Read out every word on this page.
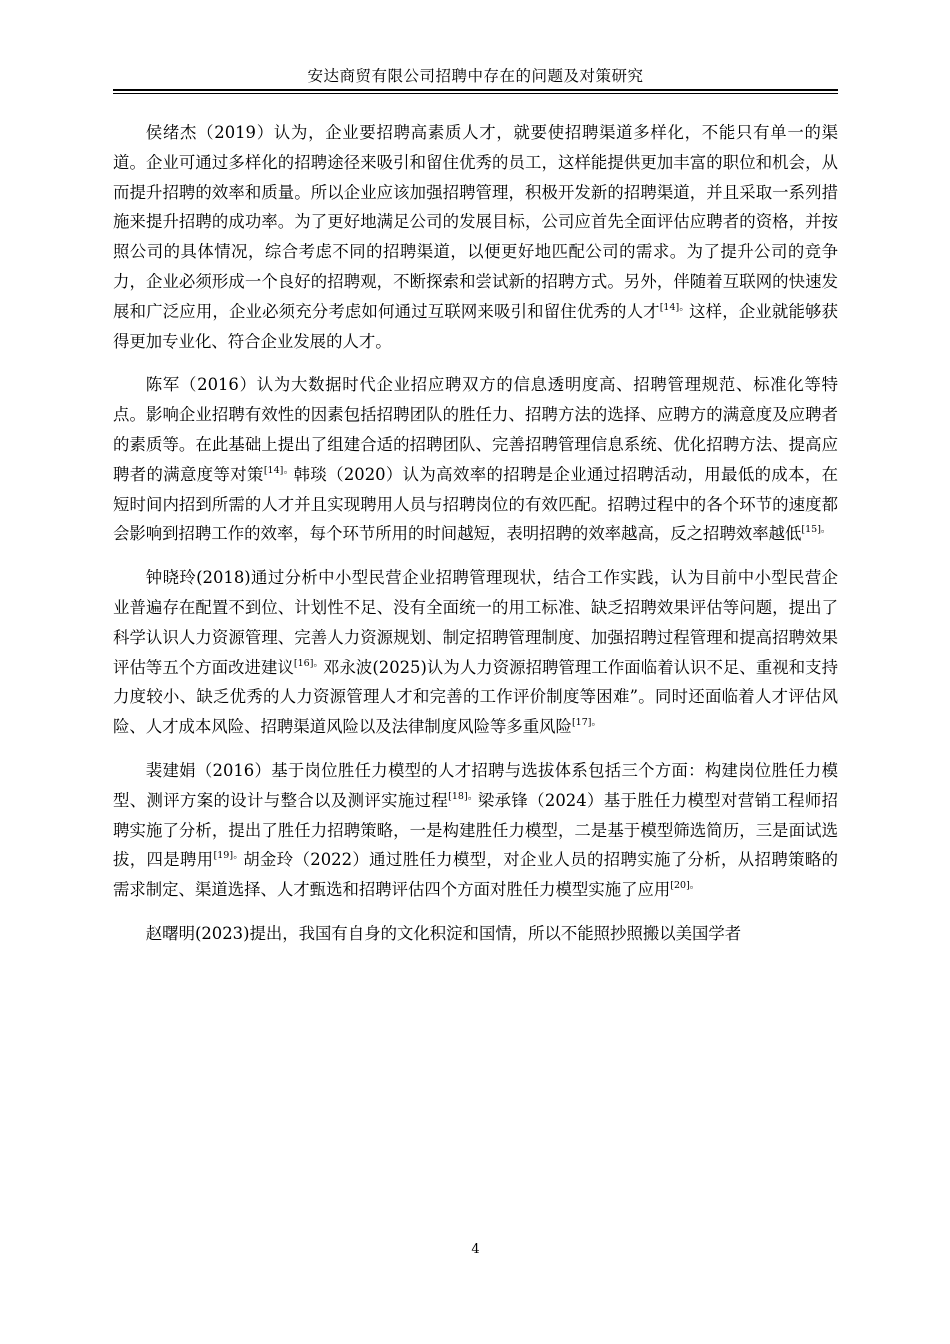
安达商贸有限公司招聘中存在的问题及对策研究

侯绪杰（2019）认为，企业要招聘高素质人才，就要使招聘渠道多样化，不能只有单一的渠道。企业可通过多样化的招聘途径来吸引和留住优秀的员工，这样能提供更加丰富的职位和机会，从而提升招聘的效率和质量。所以企业应该加强招聘管理，积极开发新的招聘渠道，并且采取一系列措施来提升招聘的成功率。为了更好地满足公司的发展目标，公司应首先全面评估应聘者的资格，并按照公司的具体情况，综合考虑不同的招聘渠道，以便更好地匹配公司的需求。为了提升公司的竞争力，企业必须形成一个良好的招聘观，不断探索和尝试新的招聘方式。另外，伴随着互联网的快速发展和广泛应用，企业必须充分考虑如何通过互联网来吸引和留住优秀的人才$^{[14]。}$这样，企业就能够获得更加专业化、符合企业发展的人才。

陈军（2016）认为大数据时代企业招应聘双方的信息透明度高、招聘管理规范、标准化等特点。影响企业招聘有效性的因素包括招聘团队的胜任力、招聘方法的选择、应聘方的满意度及应聘者的素质等。在此基础上提出了组建合适的招聘团队、完善招聘管理信息系统、优化招聘方法、提高应聘者的满意度等对策$^{[14]。}$韩琰（2020）认为高效率的招聘是企业通过招聘活动，用最低的成本，在短时间内招到所需的人才并且实现聘用人员与招聘岗位的有效匹配。招聘过程中的各个环节的速度都会影响到招聘工作的效率，每个环节所用的时间越短，表明招聘的效率越高，反之招聘效率越低$^{[15]。}$

钟晓玲(2018)通过分析中小型民营企业招聘管理现状，结合工作实践，认为目前中小型民营企业普遍存在配置不到位、计划性不足、没有全面统一的用工标准、缺乏招聘效果评估等问题，提出了科学认识人力资源管理、完善人力资源规划、制定招聘管理制度、加强招聘过程管理和提高招聘效果评估等五个方面改进建议$^{[16]。}$邓永波(2025)认为人力资源招聘管理工作面临着认识不足、重视和支持力度较小、缺乏优秀的人力资源管理人才和完善的工作评价制度等困难”。同时还面临着人才评估风险、人才成本风险、招聘渠道风险以及法律制度风险等多重风险$^{[17]。}$

裴建娟（2016）基于岗位胜任力模型的人才招聘与选拔体系包括三个方面：构建岗位胜任力模型、测评方案的设计与整合以及测评实施过程$^{[18]。}$梁承锋（2024）基于胜任力模型对营销工程师招聘实施了分析，提出了胜任力招聘策略，一是构建胜任力模型，二是基于模型筛选简历，三是面试选拔，四是聘用$^{[19]。}$胡金玲（2022）通过胜任力模型，对企业人员的招聘实施了分析，从招聘策略的需求制定、渠道选择、人才甄选和招聘评估四个方面对胜任力模型实施了应用$^{[20]。}$

赵曙明(2023)提出，我国有自身的文化积淀和国情，所以不能照抄照搬以美国学者

4
